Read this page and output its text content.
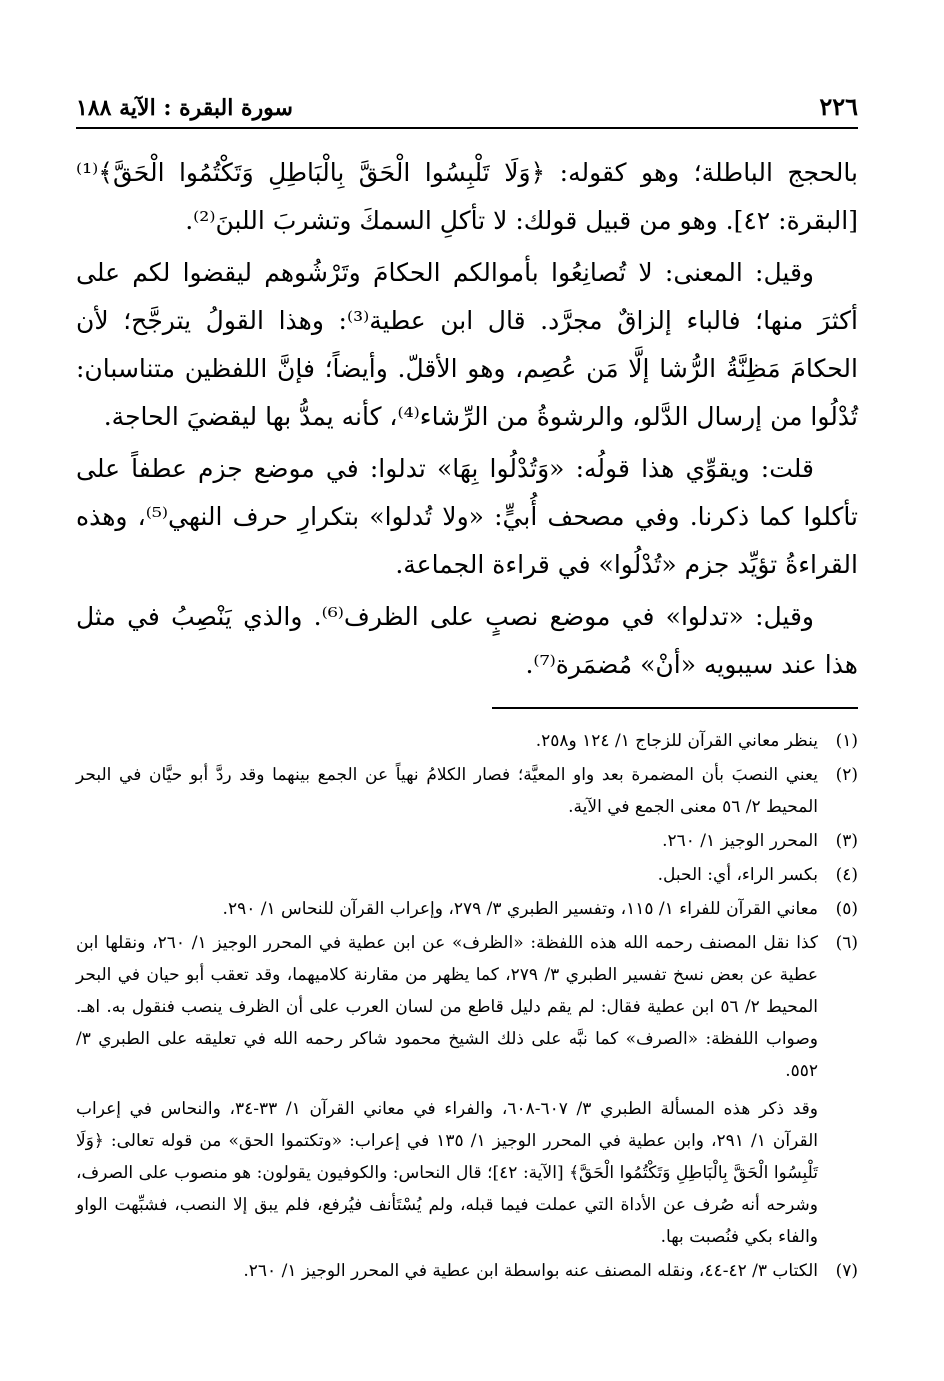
٢٢٦
سورة البقرة : الآية ١٨٨

بالحجج الباطلة؛ وهو كقوله: ﴿وَلَا تَلْبِسُوا الْحَقَّ بِالْبَاطِلِ وَتَكْتُمُوا الْحَقَّ﴾⁽¹⁾ [البقرة: ٤٢]. وهو من قبيل قولك: لا تأكلِ السمكَ وتشربَ اللبنَ⁽²⁾.

وقيل: المعنى: لا تُصانِعُوا بأموالكم الحكامَ وتَرْشُوهم ليقضوا لكم على أكثرَ منها؛ فالباء إلزاقٌ مجرَّد. قال ابن عطية⁽³⁾: وهذا القولُ يترجَّح؛ لأن الحكامَ مَظِنَّةُ الرُّشا إلَّا مَن عُصِم، وهو الأقلّ. وأيضاً؛ فإنَّ اللفظين متناسبان: تُدْلُوا من إرسال الدَّلو، والرشوةُ من الرِّشاء⁽⁴⁾، كأنه يمدُّ بها ليقضيَ الحاجة.

قلت: ويقوِّي هذا قولُه: «وَتُدْلُوا بِهَا» تدلوا: في موضع جزم عطفاً على تأكلوا كما ذكرنا. وفي مصحف أُبيٍّ: «ولا تُدلوا» بتكرارِ حرف النهي⁽⁵⁾، وهذه القراءةُ تؤيِّد جزم «تُدْلُوا» في قراءة الجماعة.

وقيل: «تدلوا» في موضع نصبٍ على الظرف⁽⁶⁾. والذي يَنْصِبُ في مثل هذا عند سيبويه «أنْ» مُضمَرة⁽⁷⁾.

(١)

ينظر معاني القرآن للزجاج ١/ ١٢٤ و٢٥٨.

(٢)

يعني النصبَ بأن المضمرة بعد واو المعيَّة؛ فصار الكلامُ نهياً عن الجمع بينهما وقد ردَّ أبو حيَّان في البحر المحيط ٢/ ٥٦ معنى الجمع في الآية.

(٣)

المحرر الوجيز ١/ ٢٦٠.

(٤)

بكسر الراء، أي: الحبل.

(٥)

معاني القرآن للفراء ١/ ١١٥، وتفسير الطبري ٣/ ٢٧٩، وإعراب القرآن للنحاس ١/ ٢٩٠.

(٦)

كذا نقل المصنف رحمه الله هذه اللفظة: «الظرف» عن ابن عطية في المحرر الوجيز ١/ ٢٦٠، ونقلها ابن عطية عن بعض نسخ تفسير الطبري ٣/ ٢٧٩، كما يظهر من مقارنة كلاميهما، وقد تعقب أبو حيان في البحر المحيط ٢/ ٥٦ ابن عطية فقال: لم يقم دليل قاطع من لسان العرب على أن الظرف ينصب فنقول به. اهـ. وصواب اللفظة: «الصرف» كما نبَّه على ذلك الشيخ محمود شاكر رحمه الله في تعليقه على الطبري ٣/ ٥٥٢.

وقد ذكر هذه المسألة الطبري ٣/ ٦٠٧-٦٠٨، والفراء في معاني القرآن ١/ ٣٣-٣٤، والنحاس في إعراب القرآن ١/ ٢٩١، وابن عطية في المحرر الوجيز ١/ ١٣٥ في إعراب: «وتكتموا الحق» من قوله تعالى: ﴿وَلَا تَلْبِسُوا الْحَقَّ بِالْبَاطِلِ وَتَكْتُمُوا الْحَقَّ﴾ [الآية: ٤٢]؛ قال النحاس: والكوفيون يقولون: هو منصوب على الصرف، وشرحه أنه صُرف عن الأداة التي عملت فيما قبله، ولم يُسْتَأنف فيُرفع، فلم يبق إلا النصب، فشبِّهت الواو والفاء بكي فنُصبت بها.

(٧)

الكتاب ٣/ ٤٢-٤٤، ونقله المصنف عنه بواسطة ابن عطية في المحرر الوجيز ١/ ٢٦٠.
